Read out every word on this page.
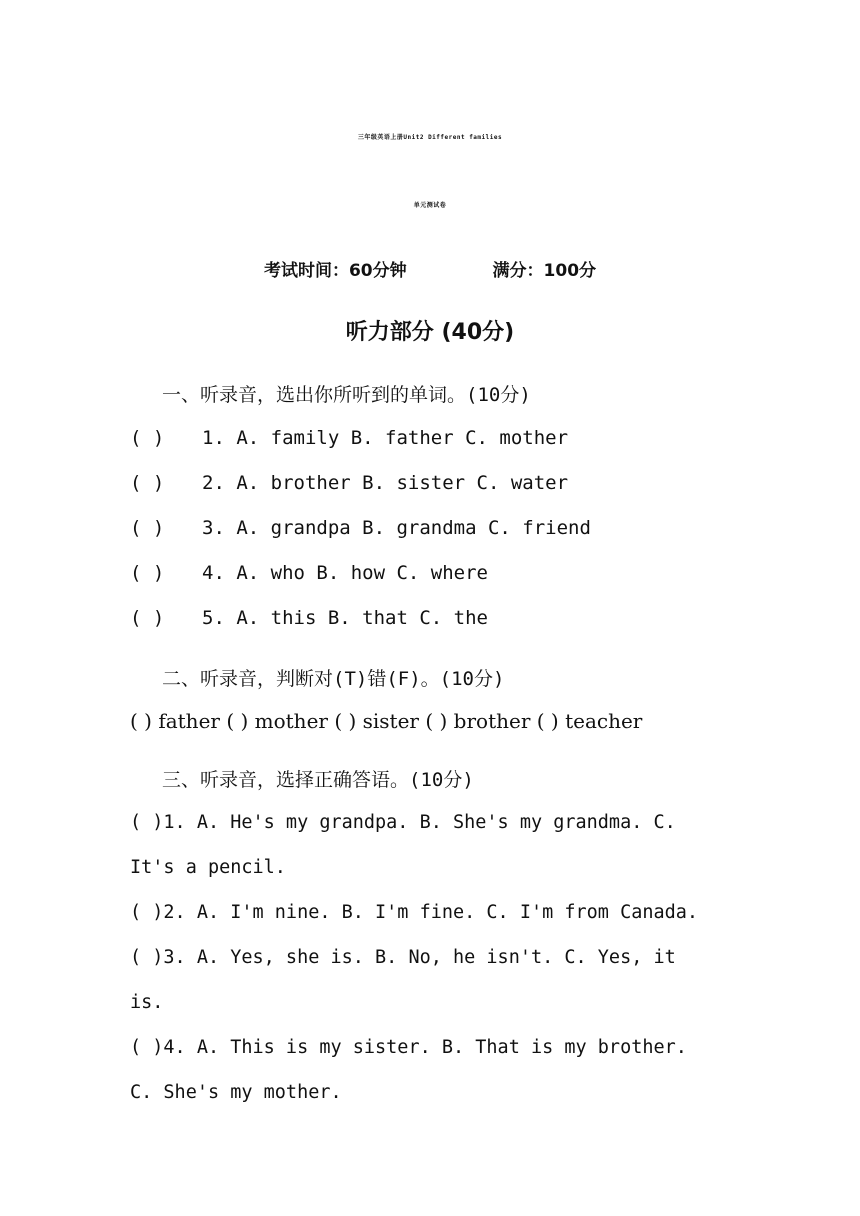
三年级英语上册Unit2 Different families
单元测试卷
考试时间：60分钟	满分：100分
听力部分 (40分)
一、听录音，选出你所听到的单词。(10分)
( ) 1. A. family B. father C. mother
( ) 2. A. brother B. sister C. water
( ) 3. A. grandpa B. grandma C. friend
( ) 4. A. who B. how C. where
( ) 5. A. this B. that C. the
二、听录音，判断对(T)错(F)。(10分)
( ) father ( ) mother ( ) sister ( ) brother ( ) teacher
三、听录音，选择正确答语。(10分)
( )1. A. He's my grandpa. B. She's my grandma. C.
It's a pencil.
( )2. A. I'm nine. B. I'm fine. C. I'm from Canada.
( )3. A. Yes, she is. B. No, he isn't. C. Yes, it
is.
( )4. A. This is my sister. B. That is my brother.
C. She's my mother.
